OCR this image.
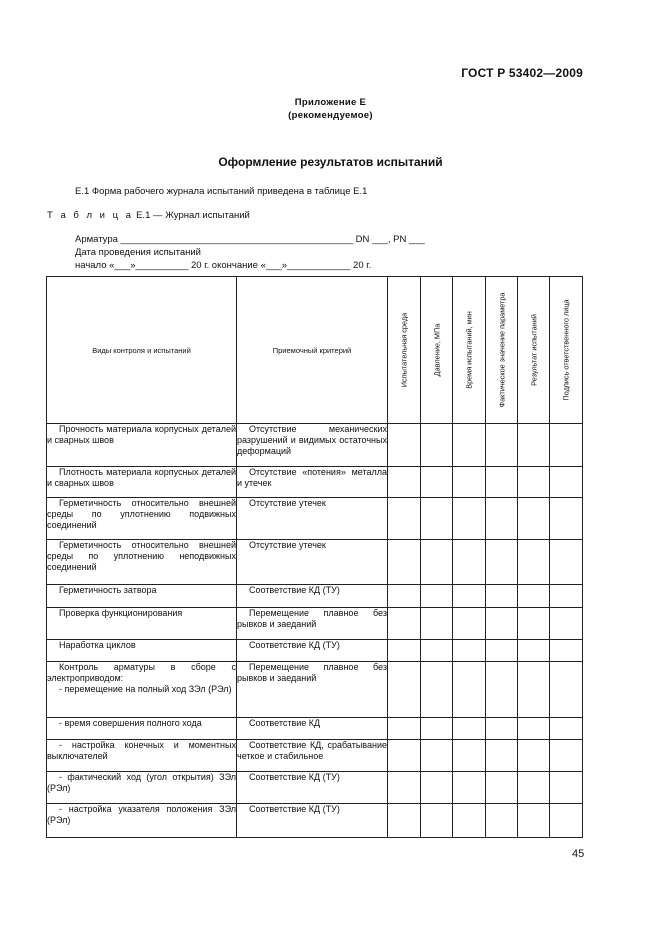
ГОСТ Р 53402—2009
Приложение Е
(рекомендуемое)
Оформление результатов испытаний
Е.1 Форма рабочего журнала испытаний приведена в таблице Е.1
Т а б л и ц а Е.1 — Журнал испытаний
Арматура ____________________________________________ DN ___, PN ___
Дата проведения испытаний
начало «___»__________ 20 г. окончание «___»____________ 20 г.
Виды контроля и испытаний	Приемочный критерий	Испытательная среда	Давление, МПа	Время испытаний, мин	Фактическое значение параметра	Результат испытаний	Подпись ответственного лица

Прочность материала корпусных деталей и сварных швов	Отсутствие механических разрушений и видимых остаточных деформаций						
Плотность материала корпусных деталей и сварных швов	Отсутствие «потения» металла и утечек						
Герметичность относительно внешней среды по уплотнению подвижных соединений	Отсутствие утечек						
Герметичность относительно внешней среды по уплотнению неподвижных соединений	Отсутствие утечек						
Герметичность затвора	Соответствие КД (ТУ)						
Проверка функционирования	Перемещение плавное без рывков и заеданий						
Наработка циклов	Соответствие КД (ТУ)						
Контроль арматуры в сборе с электроприводом:
- перемещение на полный ход ЗЭл (РЭл)	Перемещение плавное без рывков и заеданий						
- время совершения полного хода	Соответствие КД						
- настройка конечных и моментных выключателей	Соответствие КД, срабатывание четкое и стабильное						
- фактический ход (угол открытия) ЗЭл (РЭл)	Соответствие КД (ТУ)						
- настройка указателя положения ЗЭл (РЭл)	Соответствие КД (ТУ)						
45
